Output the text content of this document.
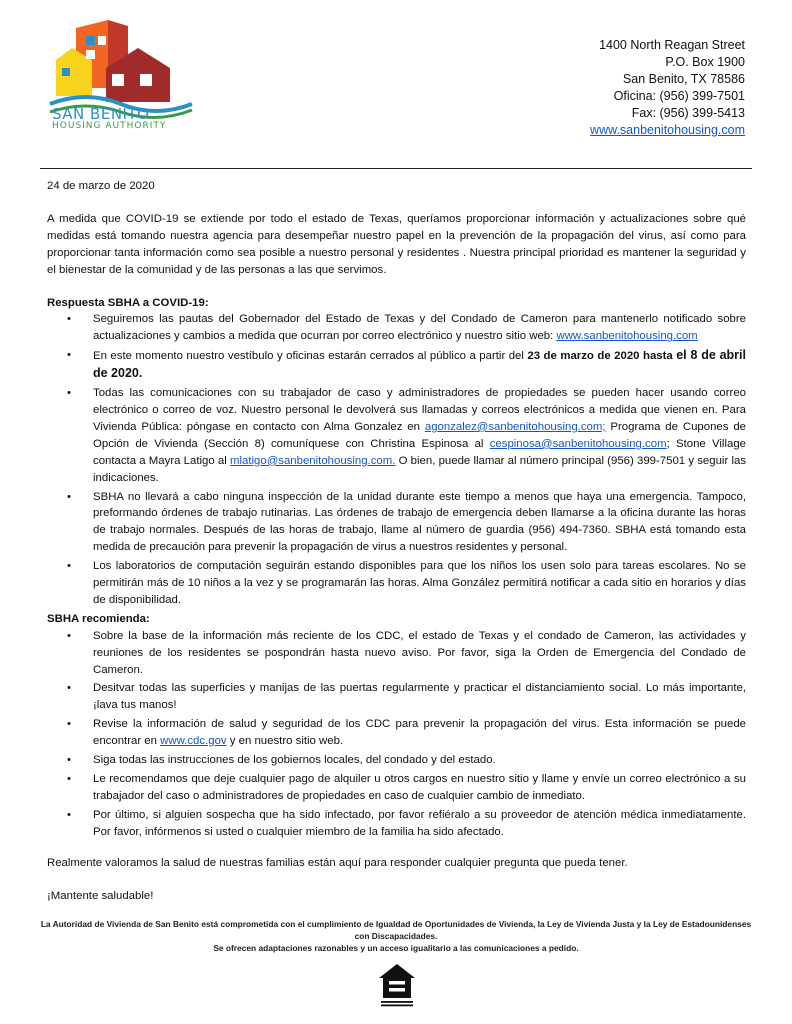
SAN BENITO
HOUSING AUTHORITY
1400 North Reagan Street
P.O. Box 1900
San Benito, TX 78586
Oficina: (956) 399-7501
Fax: (956) 399-5413
www.sanbenitohousing.com

24 de marzo de 2020

A medida que COVID-19 se extiende por todo el estado de Texas, queríamos proporcionar información y actualizaciones sobre qué medidas está tomando nuestra agencia para desempeñar nuestro papel en la prevención de la propagación del virus, así como para proporcionar tanta información como sea posible a nuestro personal y residentes . Nuestra principal prioridad es mantener la seguridad y el bienestar de la comunidad y de las personas a las que servimos.

Respuesta SBHA a COVID-19:

• Seguiremos las pautas del Gobernador del Estado de Texas y del Condado de Cameron para mantenerlo notificado sobre actualizaciones y cambios a medida que ocurran por correo electrónico y nuestro sitio web: www.sanbenitohousing.com
• En este momento nuestro vestíbulo y oficinas estarán cerrados al público a partir del 23 de marzo de 2020 hasta el 8 de abril de 2020.
• Todas las comunicaciones con su trabajador de caso y administradores de propiedades se pueden hacer usando correo electrónico o correo de voz. Nuestro personal le devolverá sus llamadas y correos electrónicos a medida que vienen en. Para Vivienda Pública: póngase en contacto con Alma Gonzalez en agonzalez@sanbenitohousing.com; Programa de Cupones de Opción de Vivienda (Sección 8) comuníquese con Christina Espinosa al cespinosa@sanbenitohousing.com; Stone Village contacta a Mayra Latigo al mlatigo@sanbenitohousing.com. O bien, puede llamar al número principal (956) 399-7501 y seguir las indicaciones.
• SBHA no llevará a cabo ninguna inspección de la unidad durante este tiempo a menos que haya una emergencia. Tampoco, preformando órdenes de trabajo rutinarias. Las órdenes de trabajo de emergencia deben llamarse a la oficina durante las horas de trabajo normales. Después de las horas de trabajo, llame al número de guardia (956) 494-7360. SBHA está tomando esta medida de precaución para prevenir la propagación de virus a nuestros residentes y personal.
• Los laboratorios de computación seguirán estando disponibles para que los niños los usen solo para tareas escolares. No se permitirán más de 10 niños a la vez y se programarán las horas. Alma González permitirá notificar a cada sitio en horarios y días de disponibilidad.

SBHA recomienda:

• Sobre la base de la información más reciente de los CDC, el estado de Texas y el condado de Cameron, las actividades y reuniones de los residentes se pospondrán hasta nuevo aviso. Por favor, siga la Orden de Emergencia del Condado de Cameron.
• Desitvar todas las superficies y manijas de las puertas regularmente y practicar el distanciamiento social. Lo más importante, ¡lava tus manos!
• Revise la información de salud y seguridad de los CDC para prevenir la propagación del virus. Esta información se puede encontrar en www.cdc.gov y en nuestro sitio web.
• Siga todas las instrucciones de los gobiernos locales, del condado y del estado.
• Le recomendamos que deje cualquier pago de alquiler u otros cargos en nuestro sitio y llame y envíe un correo electrónico a su trabajador del caso o administradores de propiedades en caso de cualquier cambio de inmediato.
• Por último, si alguien sospecha que ha sido infectado, por favor refiéralo a su proveedor de atención médica inmediatamente. Por favor, infórmenos si usted o cualquier miembro de la familia ha sido afectado.

Realmente valoramos la salud de nuestras familias están aquí para responder cualquier pregunta que pueda tener.

¡Mantente saludable!

La Autoridad de Vivienda de San Benito está comprometida con el cumplimiento de Igualdad de Oportunidades de Vivienda, la Ley de Vivienda Justa y la Ley de Estadounidenses con Discapacidades.
Se ofrecen adaptaciones razonables y un acceso igualitario a las comunicaciones a pedido.
